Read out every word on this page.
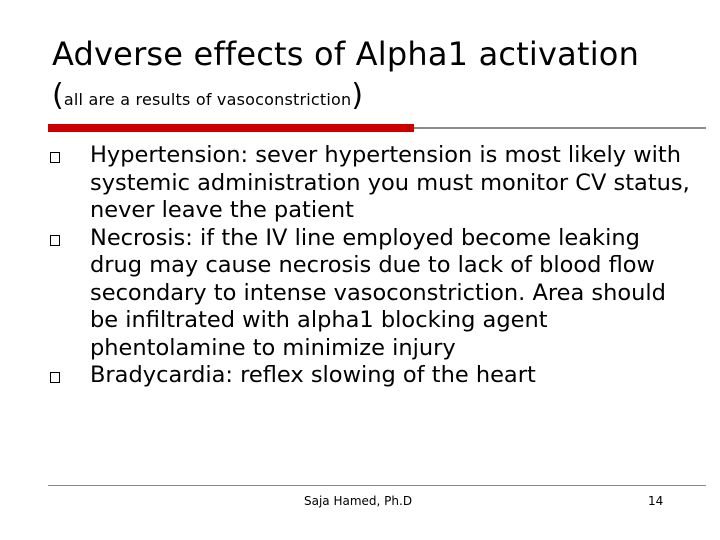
Adverse effects of Alpha1 activation
(all are a results of vasoconstriction)
Hypertension: sever hypertension is most likely with systemic administration you must monitor CV status, never leave the patient
Necrosis: if the IV line employed become leaking drug may cause necrosis due to lack of blood flow secondary to intense vasoconstriction. Area should be infiltrated with alpha1 blocking agent phentolamine to minimize injury
Bradycardia: reflex slowing of the heart
Saja Hamed, Ph.D	14
